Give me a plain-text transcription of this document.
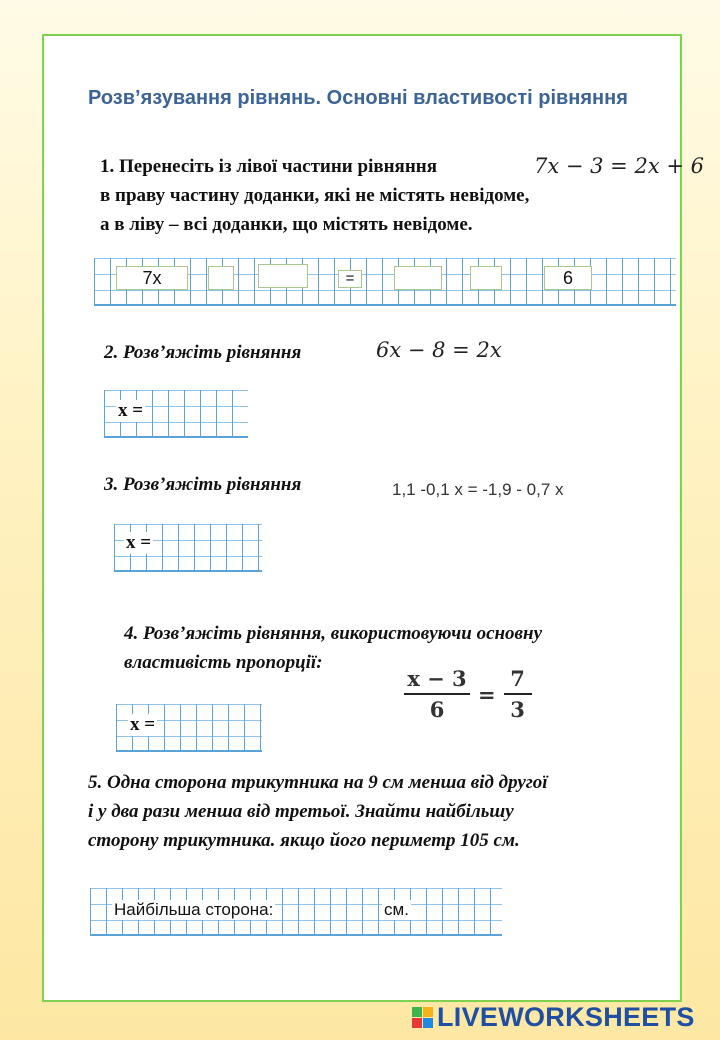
Розв’язування рівнянь. Основні властивості рівняння
1. Перенесіть із лівої частини рівняння	7x − 3 = 2x + 6
в праву частину доданки, які не містять невідоме,
а в ліву – всі доданки, що містять невідоме.
7x	=	6
2. Розв’яжіть рівняння	6x − 8 = 2x
x =
3. Розв’яжіть рівняння	1,1 -0,1 x = -1,9 - 0,7 x
x =
4. Розв’яжіть рівняння, використовуючи основну
властивість пропорції:
$\frac{x - 3}{6} = \frac{7}{3}$
x =
5. Одна сторона трикутника на 9 см менша від другої
і у два рази менша від третьої. Знайти найбільшу
сторону трикутника. якщо його периметр 105 см.
Найбільша сторона:	см.
LIVEWORKSHEETS
